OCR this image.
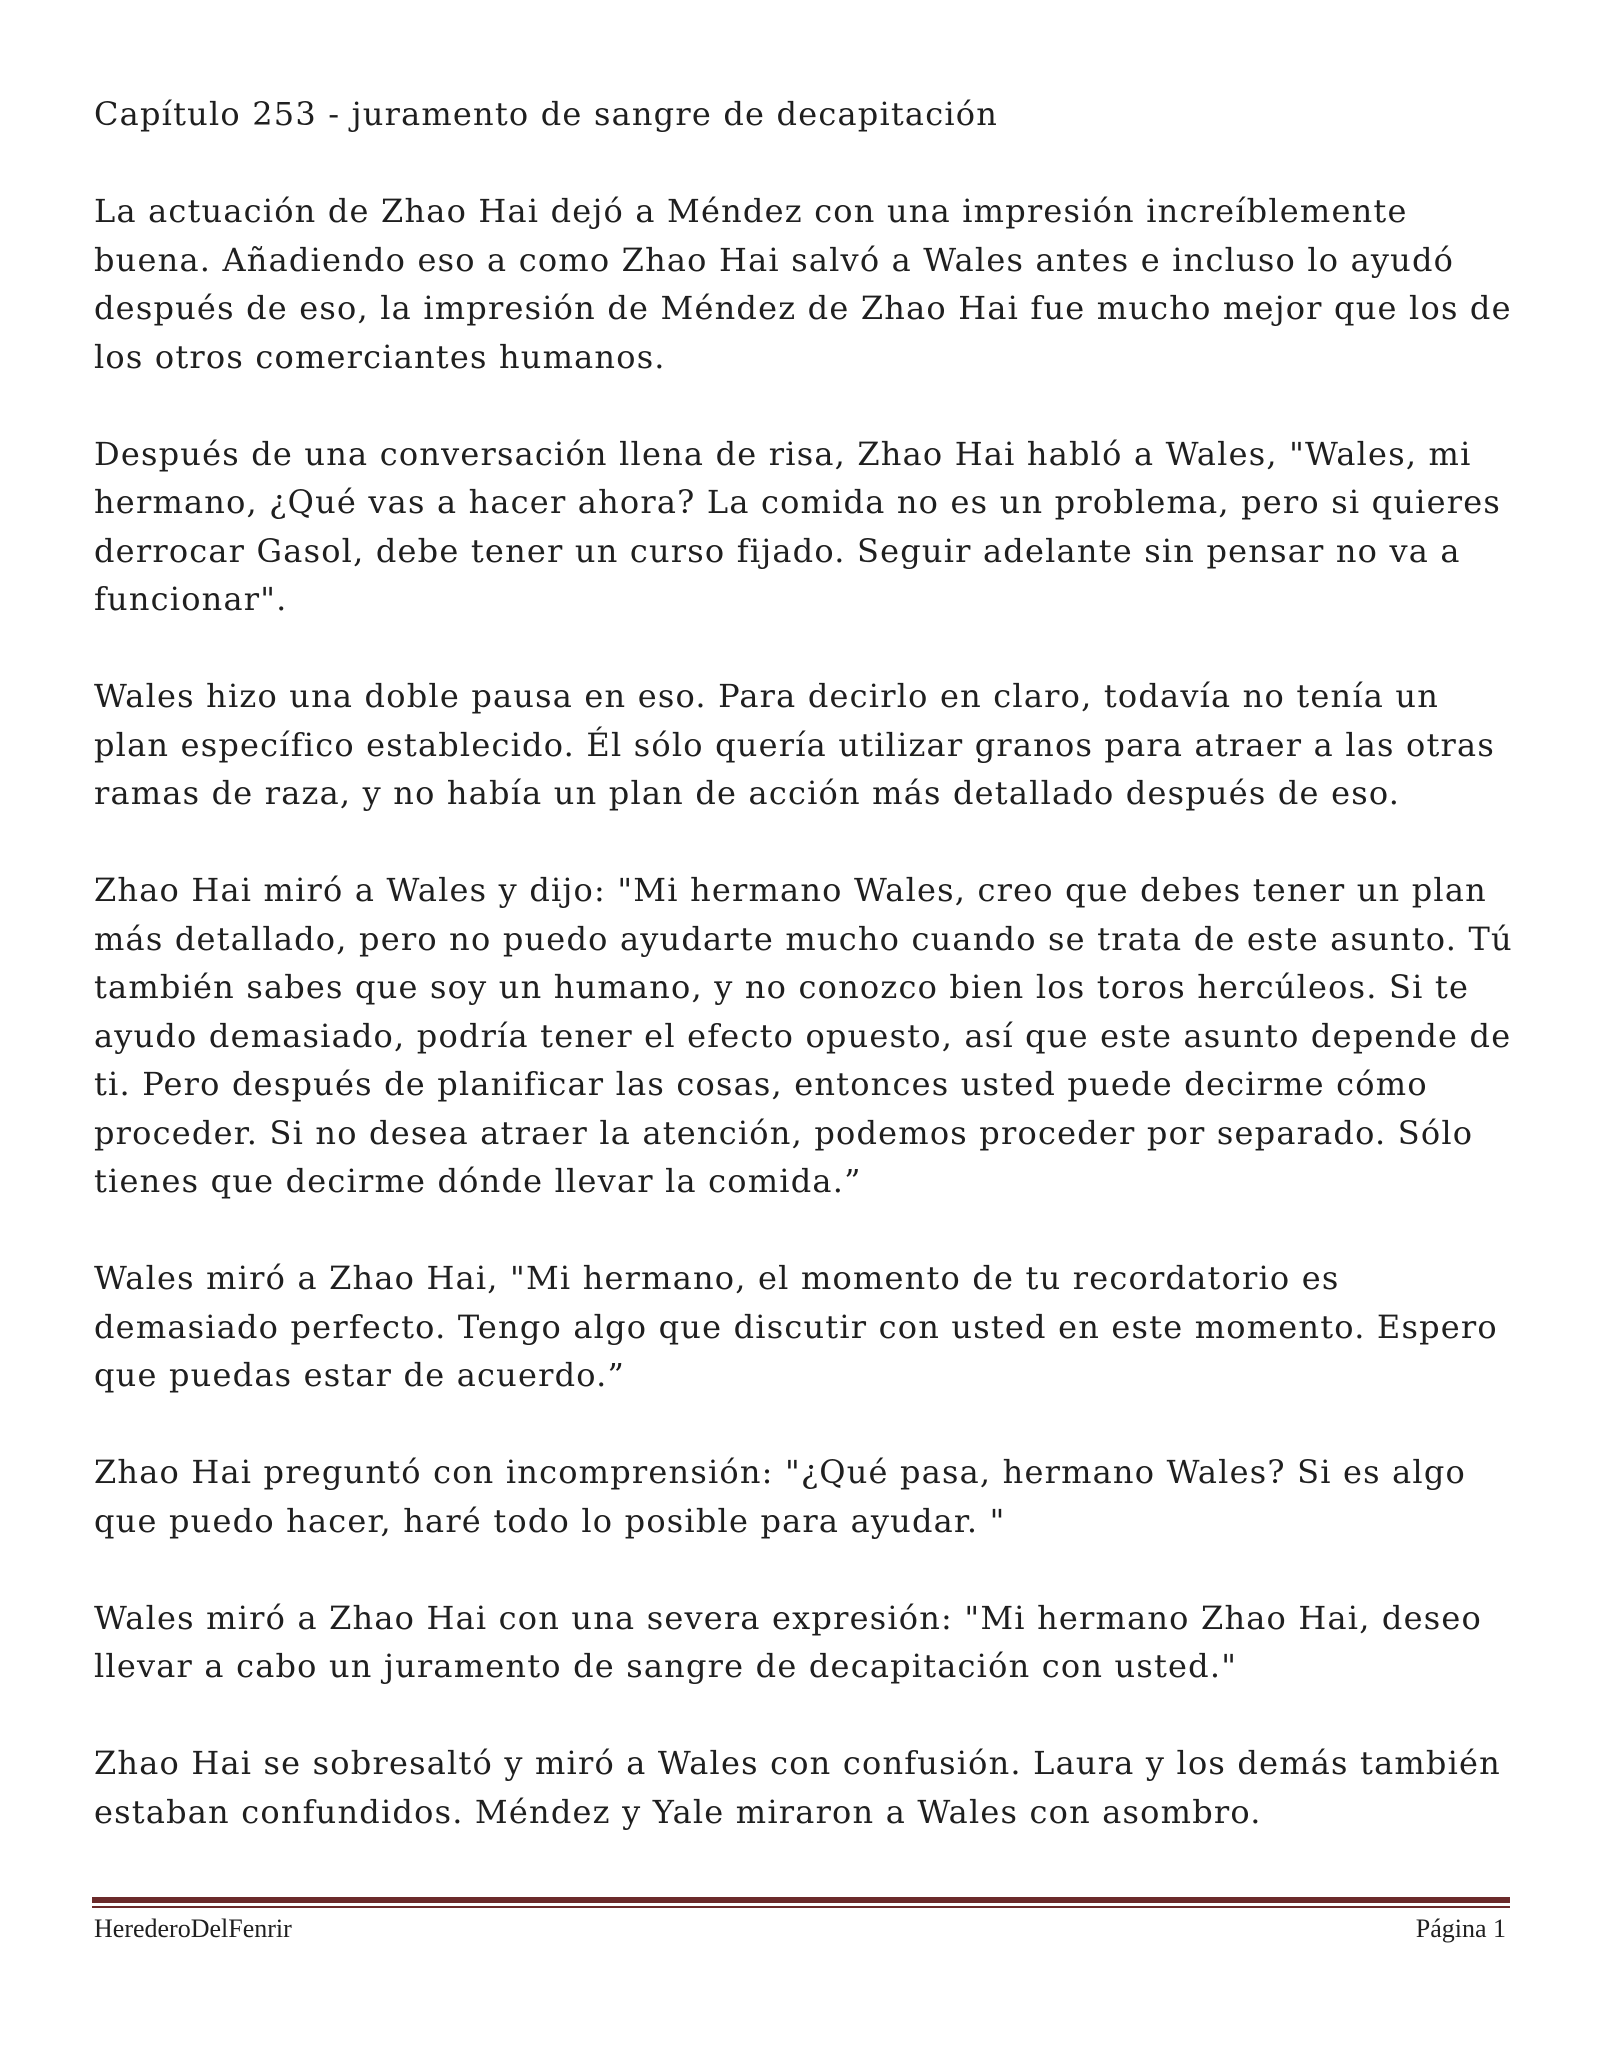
Capítulo 253 - juramento de sangre de decapitación

La actuación de Zhao Hai dejó a Méndez con una impresión increíblemente buena. Añadiendo eso a como Zhao Hai salvó a Wales antes e incluso lo ayudó después de eso, la impresión de Méndez de Zhao Hai fue mucho mejor que los de los otros comerciantes humanos.

Después de una conversación llena de risa, Zhao Hai habló a Wales, "Wales, mi hermano, ¿Qué vas a hacer ahora? La comida no es un problema, pero si quieres derrocar Gasol, debe tener un curso fijado. Seguir adelante sin pensar no va a funcionar".

Wales hizo una doble pausa en eso. Para decirlo en claro, todavía no tenía un plan específico establecido. Él sólo quería utilizar granos para atraer a las otras ramas de raza, y no había un plan de acción más detallado después de eso.

Zhao Hai miró a Wales y dijo: "Mi hermano Wales, creo que debes tener un plan más detallado, pero no puedo ayudarte mucho cuando se trata de este asunto. Tú también sabes que soy un humano, y no conozco bien los toros hercúleos. Si te ayudo demasiado, podría tener el efecto opuesto, así que este asunto depende de ti. Pero después de planificar las cosas, entonces usted puede decirme cómo proceder. Si no desea atraer la atención, podemos proceder por separado. Sólo tienes que decirme dónde llevar la comida.”

Wales miró a Zhao Hai, "Mi hermano, el momento de tu recordatorio es demasiado perfecto. Tengo algo que discutir con usted en este momento. Espero que puedas estar de acuerdo.”

Zhao Hai preguntó con incomprensión: "¿Qué pasa, hermano Wales? Si es algo que puedo hacer, haré todo lo posible para ayudar. "

Wales miró a Zhao Hai con una severa expresión: "Mi hermano Zhao Hai, deseo llevar a cabo un juramento de sangre de decapitación con usted."

Zhao Hai se sobresaltó y miró a Wales con confusión. Laura y los demás también estaban confundidos. Méndez y Yale miraron a Wales con asombro.

HerederoDelFenrir	Página 1
